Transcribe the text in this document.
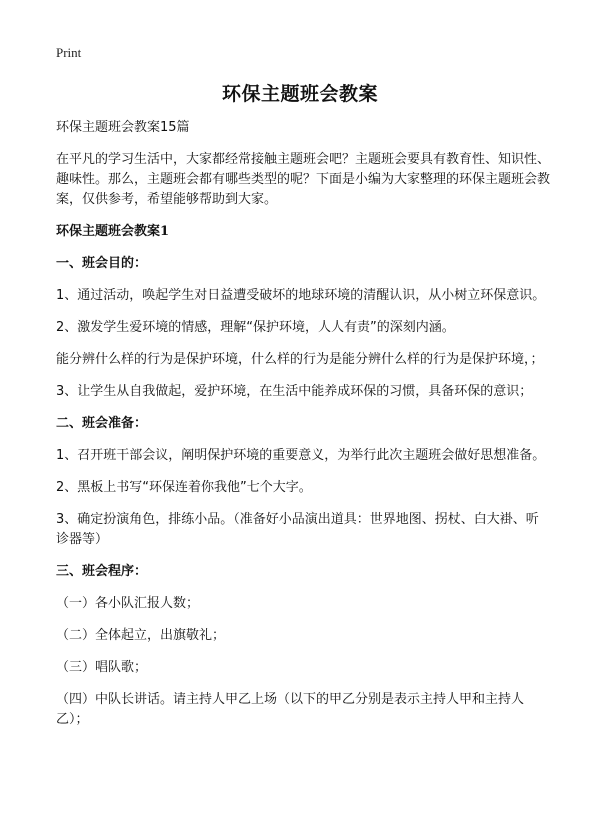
Print
环保主题班会教案

环保主题班会教案15篇

在平凡的学习生活中，大家都经常接触主题班会吧？主题班会要具有教育性、知识性、趣味性。那么，主题班会都有哪些类型的呢？下面是小编为大家整理的环保主题班会教案，仅供参考，希望能够帮助到大家。

环保主题班会教案1

一、班会目的：

1、通过活动，唤起学生对日益遭受破坏的地球环境的清醒认识，从小树立环保意识。

2、激发学生爱环境的情感，理解“保护环境，人人有责”的深刻内涵。

能分辨什么样的行为是保护环境，什么样的行为是能分辨什么样的行为是保护环境，；

3、让学生从自我做起，爱护环境，在生活中能养成环保的习惯，具备环保的意识；

二、班会准备：

1、召开班干部会议，阐明保护环境的重要意义，为举行此次主题班会做好思想准备。

2、黑板上书写“环保连着你我他”七个大字。

3、确定扮演角色，排练小品。（准备好小品演出道具：世界地图、拐杖、白大褂、听诊器等）

三、班会程序：

（一）各小队汇报人数；

（二）全体起立，出旗敬礼；

（三）唱队歌；

（四）中队长讲话。请主持人甲乙上场（以下的甲乙分别是表示主持人甲和主持人乙）；
